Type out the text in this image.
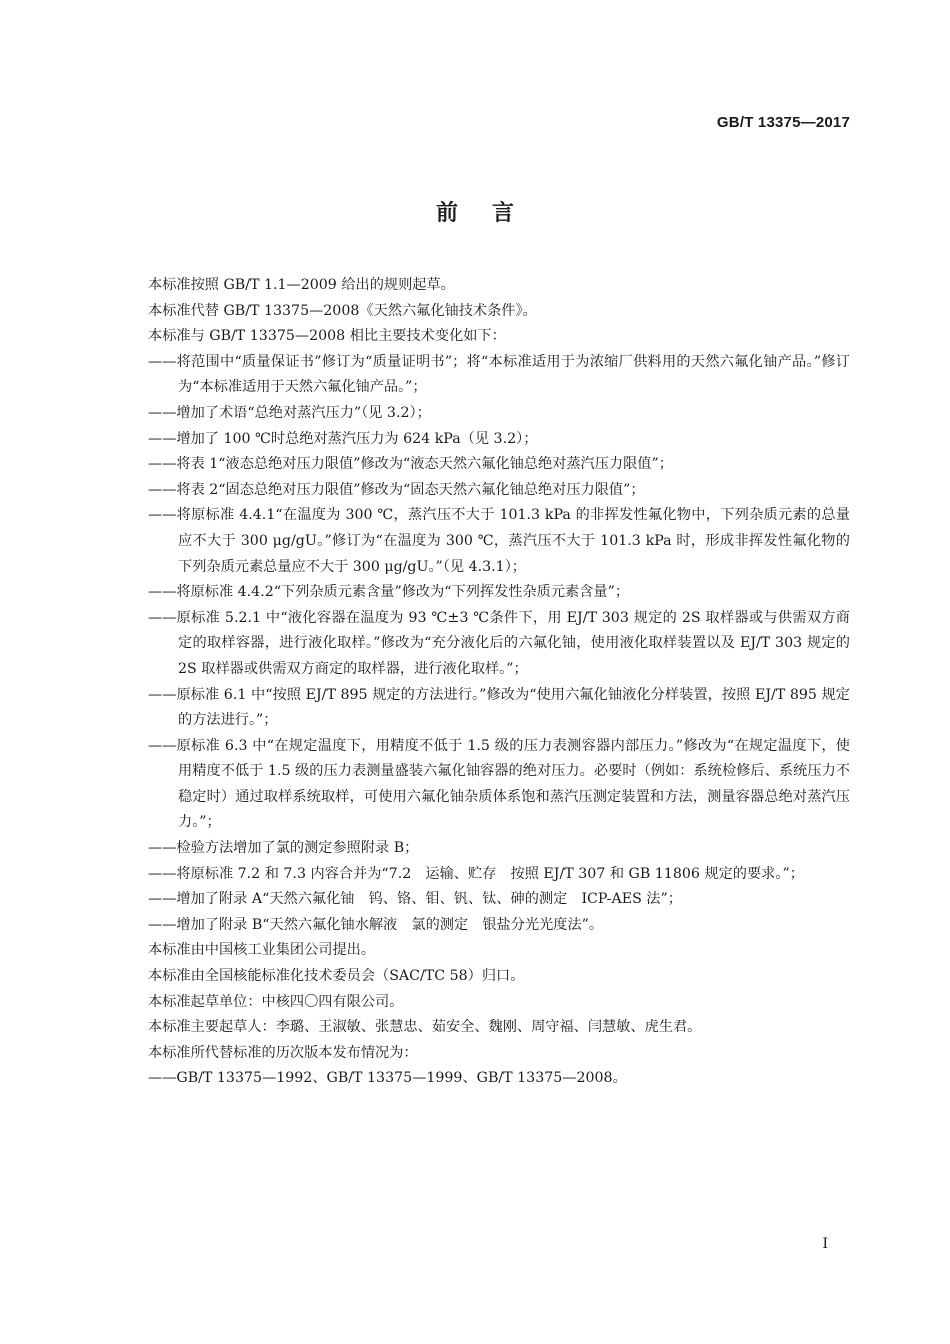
GB/T 13375—2017
前言

本标准按照 GB/T 1.1—2009 给出的规则起草。

本标准代替 GB/T 13375—2008《天然六氟化铀技术条件》。

本标准与 GB/T 13375—2008 相比主要技术变化如下：

——将范围中“质量保证书”修订为“质量证明书”；将“本标准适用于为浓缩厂供料用的天然六氟化铀产品。”修订为“本标准适用于天然六氟化铀产品。”；

——增加了术语“总绝对蒸汽压力”（见 3.2）；

——增加了 100 ℃时总绝对蒸汽压力为 624 kPa（见 3.2）；

——将表 1“液态总绝对压力限值”修改为“液态天然六氟化铀总绝对蒸汽压力限值”；

——将表 2“固态总绝对压力限值”修改为“固态天然六氟化铀总绝对压力限值”；

——将原标准 4.4.1“在温度为 300 ℃，蒸汽压不大于 101.3 kPa 的非挥发性氟化物中，下列杂质元素的总量应不大于 300 μg/gU。”修订为“在温度为 300 ℃，蒸汽压不大于 101.3 kPa 时，形成非挥发性氟化物的下列杂质元素总量应不大于 300 μg/gU。”（见 4.3.1）；

——将原标准 4.4.2“下列杂质元素含量”修改为“下列挥发性杂质元素含量”；

——原标准 5.2.1 中“液化容器在温度为 93 ℃±3 ℃条件下，用 EJ/T 303 规定的 2S 取样器或与供需双方商定的取样容器，进行液化取样。”修改为“充分液化后的六氟化铀，使用液化取样装置以及 EJ/T 303 规定的 2S 取样器或供需双方商定的取样器，进行液化取样。”；

——原标准 6.1 中“按照 EJ/T 895 规定的方法进行。”修改为“使用六氟化铀液化分样装置，按照 EJ/T 895 规定的方法进行。”；

——原标准 6.3 中“在规定温度下，用精度不低于 1.5 级的压力表测容器内部压力。”修改为“在规定温度下，使用精度不低于 1.5 级的压力表测量盛装六氟化铀容器的绝对压力。必要时（例如：系统检修后、系统压力不稳定时）通过取样系统取样，可使用六氟化铀杂质体系饱和蒸汽压测定装置和方法，测量容器总绝对蒸汽压力。”；

——检验方法增加了氯的测定参照附录 B；

——将原标准 7.2 和 7.3 内容合并为“7.2　运输、贮存　按照 EJ/T 307 和 GB 11806 规定的要求。”；

——增加了附录 A“天然六氟化铀　钨、铬、钼、钒、钛、砷的测定　ICP-AES 法”；

——增加了附录 B“天然六氟化铀水解液　氯的测定　银盐分光光度法”。

本标准由中国核工业集团公司提出。

本标准由全国核能标准化技术委员会（SAC/TC 58）归口。

本标准起草单位：中核四〇四有限公司。

本标准主要起草人：李璐、王淑敏、张慧忠、茹安全、魏刚、周守福、闫慧敏、虎生君。

本标准所代替标准的历次版本发布情况为：

——GB/T 13375—1992、GB/T 13375—1999、GB/T 13375—2008。

I
